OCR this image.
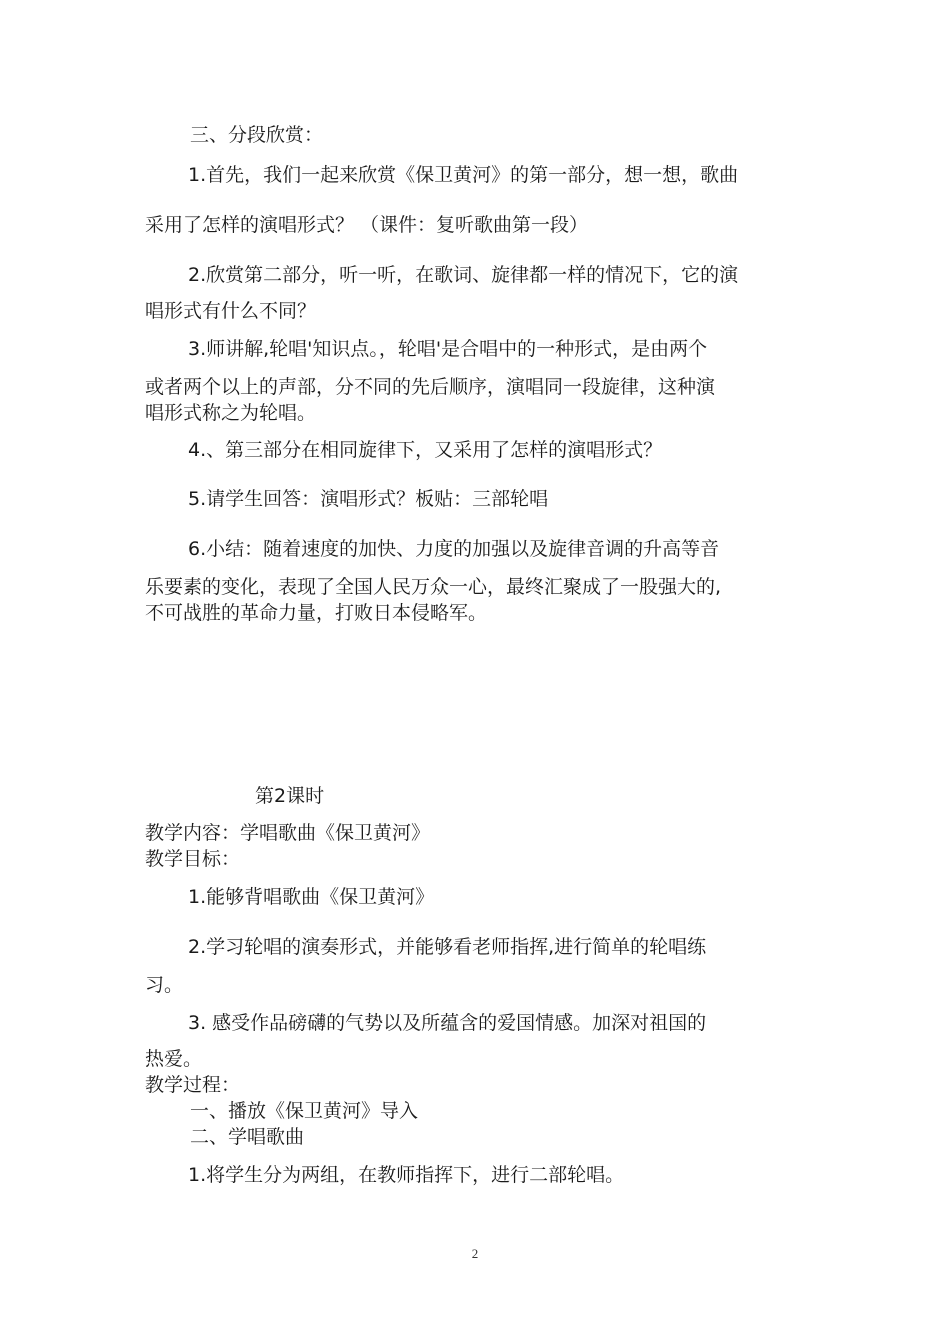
三、分段欣赏：
1.首先，我们一起来欣赏《保卫黄河》的第一部分，想一想，歌曲
采用了怎样的演唱形式？ （课件：复听歌曲第一段）
2.欣赏第二部分，听一听，在歌词、旋律都一样的情况下，它的演
唱形式有什么不同？
3.师讲解,轮唱'知识点。，轮唱'是合唱中的一种形式，是由两个
或者两个以上的声部，分不同的先后顺序，演唱同一段旋律，这种演
唱形式称之为轮唱。
4.、第三部分在相同旋律下，又采用了怎样的演唱形式？
5.请学生回答：演唱形式？板贴：三部轮唱
6.小结：随着速度的加快、力度的加强以及旋律音调的升高等音
乐要素的变化，表现了全国人民万众一心，最终汇聚成了一股强大的,
不可战胜的革命力量，打败日本侵略军。
第2课时
教学内容：学唱歌曲《保卫黄河》
教学目标：
1.能够背唱歌曲《保卫黄河》
2.学习轮唱的演奏形式，并能够看老师指挥,进行简单的轮唱练
习。
3. 感受作品磅礴的气势以及所蕴含的爱国情感。加深对祖国的
热爱。
教学过程：
一、播放《保卫黄河》导入
二、学唱歌曲
1.将学生分为两组，在教师指挥下，进行二部轮唱。
2
